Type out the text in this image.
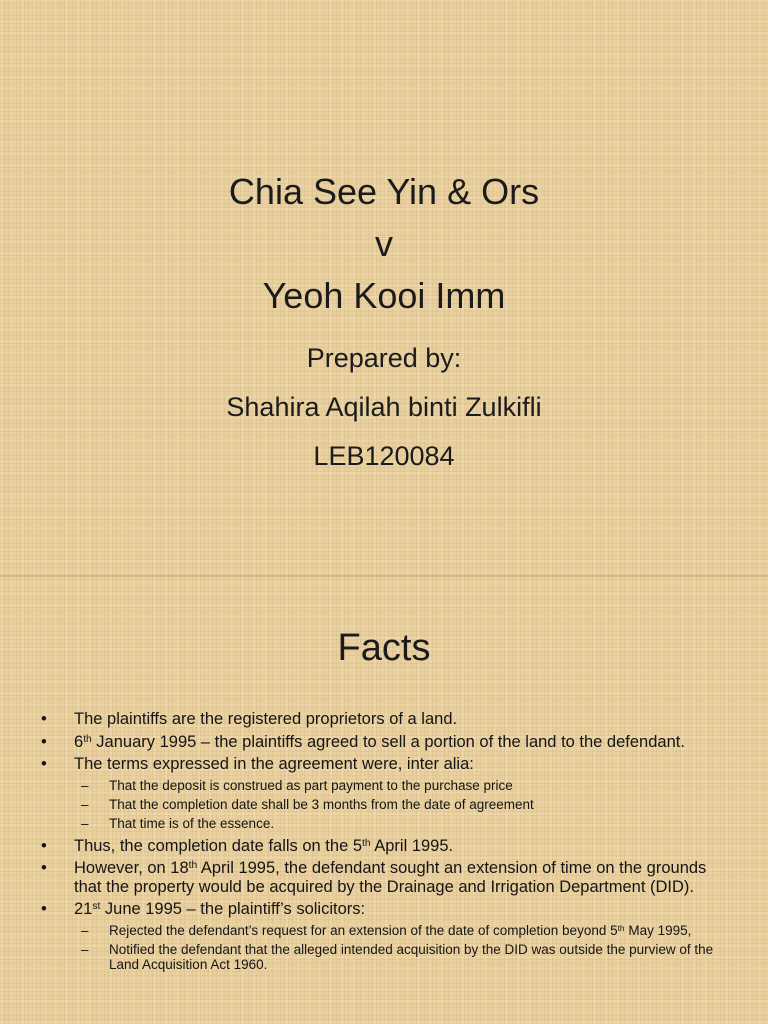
Chia See Yin & Ors
v
Yeoh Kooi Imm
Prepared by:
Shahira Aqilah binti Zulkifli
LEB120084
Facts
• The plaintiffs are the registered proprietors of a land.
• 6th January 1995 – the plaintiffs agreed to sell a portion of the land to the defendant.
• The terms expressed in the agreement were, inter alia:
– That the deposit is construed as part payment to the purchase price
– That the completion date shall be 3 months from the date of agreement
– That time is of the essence.
• Thus, the completion date falls on the 5th April 1995.
• However, on 18th April 1995, the defendant sought an extension of time on the grounds that the property would be acquired by the Drainage and Irrigation Department (DID).
• 21st June 1995 – the plaintiff’s solicitors:
– Rejected the defendant’s request for an extension of the date of completion beyond 5th May 1995,
– Notified the defendant that the alleged intended acquisition by the DID was outside the purview of the Land Acquisition Act 1960.
